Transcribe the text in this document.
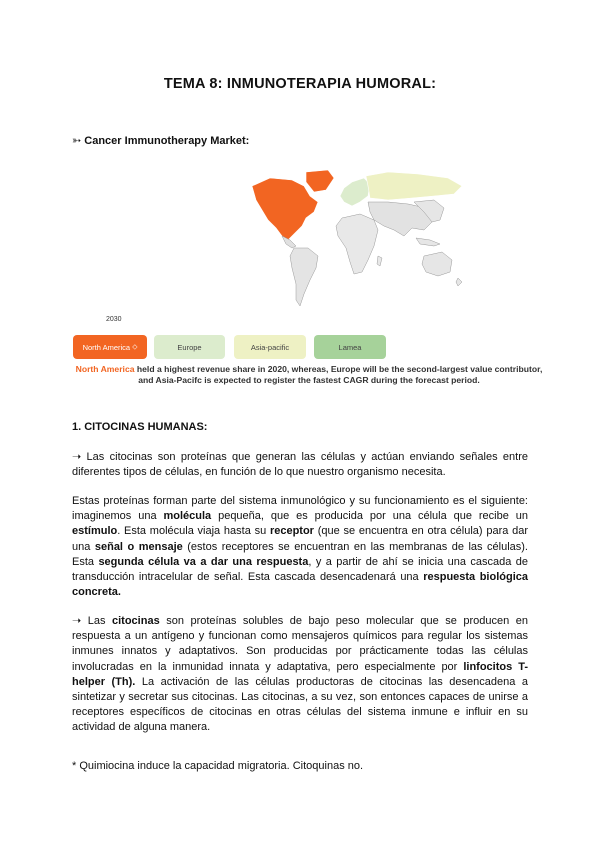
TEMA 8: INMUNOTERAPIA HUMORAL:
➳ Cancer Immunotherapy Market:
2030
North America
⬦	Europe	Asia-pacific	Lamea
North America held a highest revenue share in 2020, whereas, Europe will be the second-largest value contributor, and Asia-Pacifc is expected to register the fastest CAGR during the forecast period.
1. CITOCINAS HUMANAS:
➝ Las citocinas son proteínas que generan las células y actúan enviando señales entre diferentes tipos de células, en función de lo que nuestro organismo necesita.
Estas proteínas forman parte del sistema inmunológico y su funcionamiento es el siguiente: imaginemos una molécula pequeña, que es producida por una célula que recibe un estímulo. Esta molécula viaja hasta su receptor (que se encuentra en otra célula) para dar una señal o mensaje (estos receptores se encuentran en las membranas de las células). Esta segunda célula va a dar una respuesta, y a partir de ahí se inicia una cascada de transducción intracelular de señal. Esta cascada desencadenará una respuesta biológica concreta.
➝ Las citocinas son proteínas solubles de bajo peso molecular que se producen en respuesta a un antígeno y funcionan como mensajeros químicos para regular los sistemas inmunes innatos y adaptativos. Son producidas por prácticamente todas las células involucradas en la inmunidad innata y adaptativa, pero especialmente por linfocitos T-helper (Th). La activación de las células productoras de citocinas las desencadena a sintetizar y secretar sus citocinas. Las citocinas, a su vez, son entonces capaces de unirse a receptores específicos de citocinas en otras células del sistema inmune e influir en su actividad de alguna manera.
* Quimiocina induce la capacidad migratoria. Citoquinas no.
